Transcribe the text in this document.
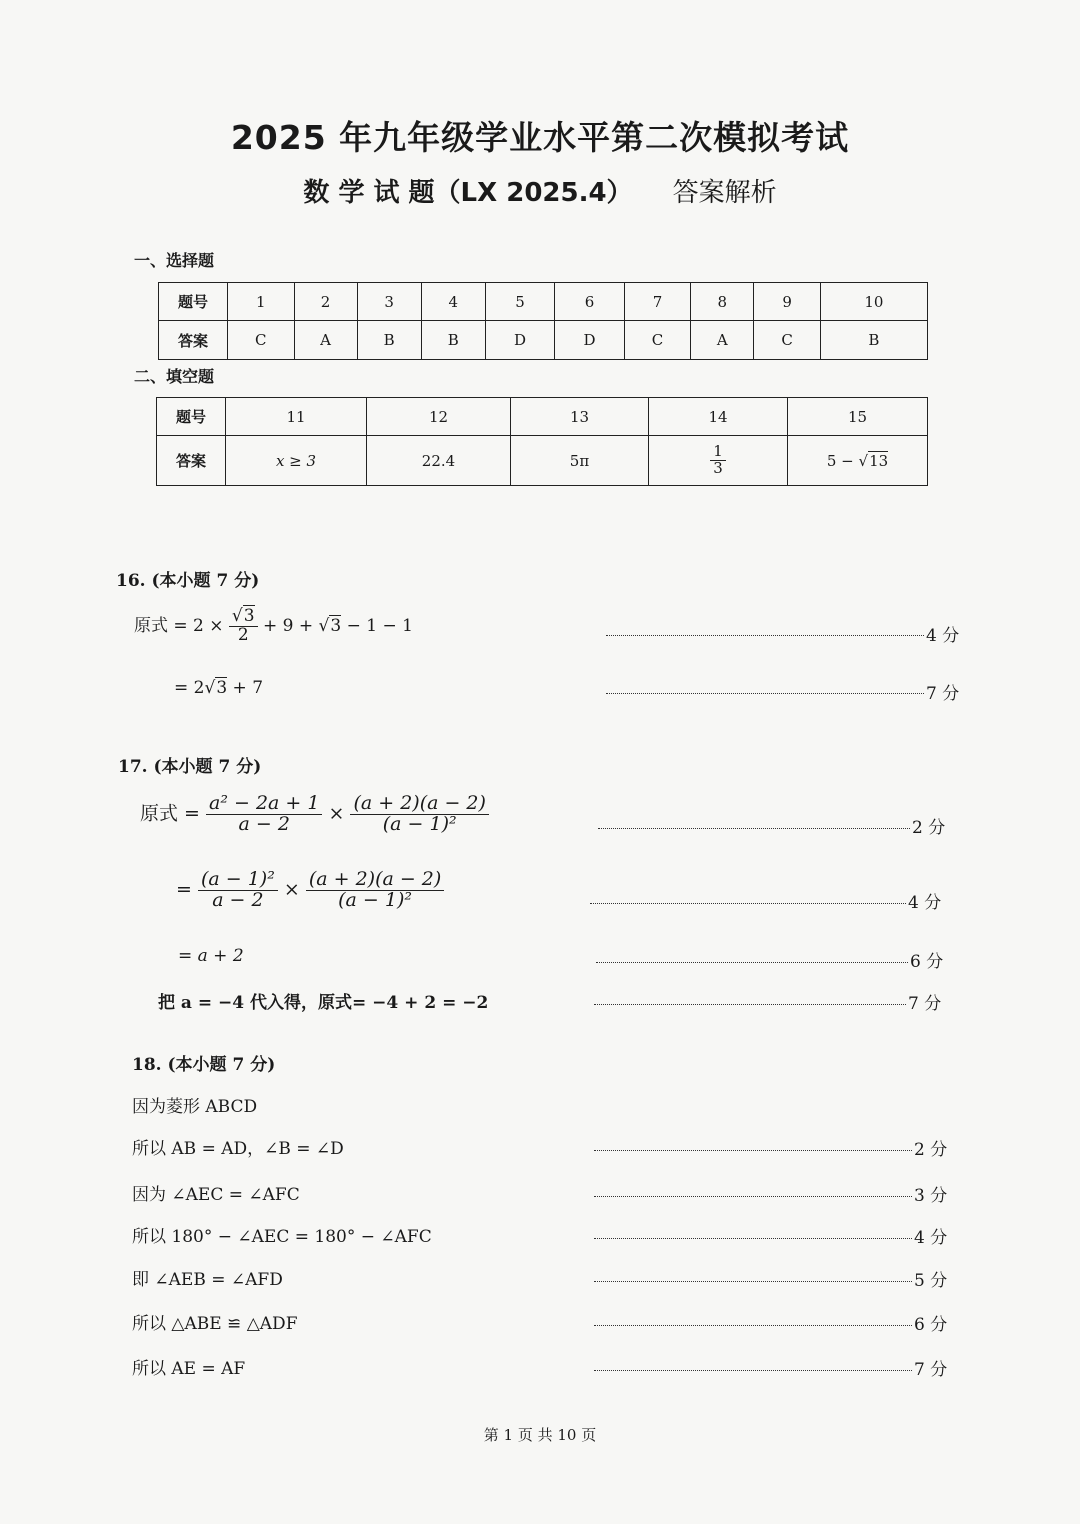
2025 年九年级学业水平第二次模拟考试
数 学 试 题（LX 2025.4） 答案解析
一、选择题
题号	1	2	3	4	5	6	7	8	9	10
答案	C	A	B	B	D	D	C	A	C	B
二、填空题
题号	11	12	13	14	15
答案	x ≥ 3	22.4	5π	$\frac{1}{3}$	5 − √13
16. (本小题 7 分)
原式 = $2 \times \frac{√3}{2} + 9 + √3 - 1 - 1$
4 分
= 2√3 + 7	7 分
17. (本小题 7 分)
原式 = $\frac{\text{a² − 2a + 1}}{a - 2} \times \frac{(a + 2)(a - 2)}{\text{(a − 1)²}}$	2 分
= $\frac{\text{(a − 1)²}}{a - 2} \times \frac{(a + 2)(a - 2)}{\text{(a − 1)²}}$	4 分
= a + 2	6 分
把 a = −4 代入得，原式= −4 + 2 = −2	7 分
18. (本小题 7 分)
因为菱形 ABCD
所以 AB = AD，∠B = ∠D	2 分
因为 ∠AEC = ∠AFC	3 分
所以 180° − ∠AEC = 180° − ∠AFC	4 分
即 ∠AEB = ∠AFD	5 分
所以 △ABE ≌ △ADF	6 分
所以 AE = AF	7 分
第 1 页 共 10 页
